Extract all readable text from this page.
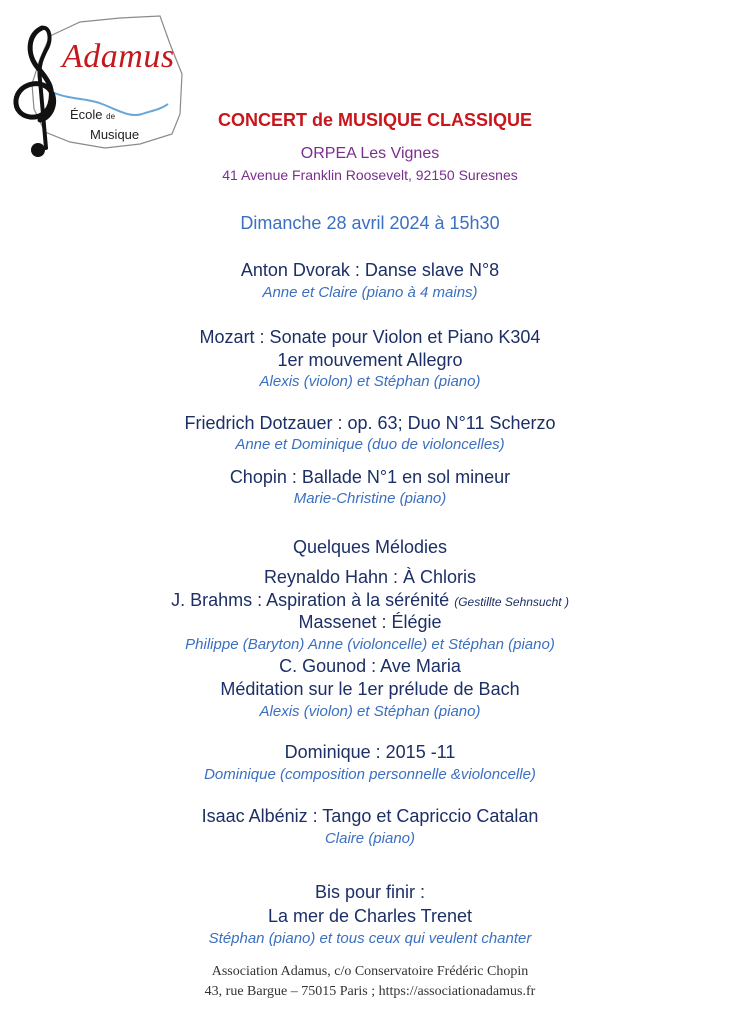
Adamus
École de
Musique
CONCERT de MUSIQUE CLASSIQUE
ORPEA Les Vignes
41 Avenue Franklin Roosevelt, 92150 Suresnes
Dimanche 28 avril 2024 à 15h30
Anton Dvorak : Danse slave N°8
Anne et Claire (piano à 4 mains)
Mozart : Sonate pour Violon et Piano K304
1er mouvement Allegro
Alexis (violon) et Stéphan (piano)
Friedrich Dotzauer : op. 63; Duo N°11 Scherzo
Anne et Dominique (duo de violoncelles)
Chopin : Ballade N°1 en sol mineur
Marie-Christine (piano)
Quelques Mélodies
Reynaldo Hahn : À Chloris
J. Brahms : Aspiration à la sérénité (Gestillte Sehnsucht )
Massenet : Élégie
Philippe (Baryton) Anne (violoncelle) et Stéphan (piano)
C. Gounod : Ave Maria
Méditation sur le 1er prélude de Bach
Alexis (violon) et Stéphan (piano)
Dominique : 2015 -11
Dominique (composition personnelle &violoncelle)
Isaac Albéniz : Tango et Capriccio Catalan
Claire (piano)
Bis pour finir :
La mer de Charles Trenet
Stéphan (piano) et tous ceux qui veulent chanter
Association Adamus, c/o Conservatoire Frédéric Chopin
43, rue Bargue – 75015 Paris ; https://associationadamus.fr
